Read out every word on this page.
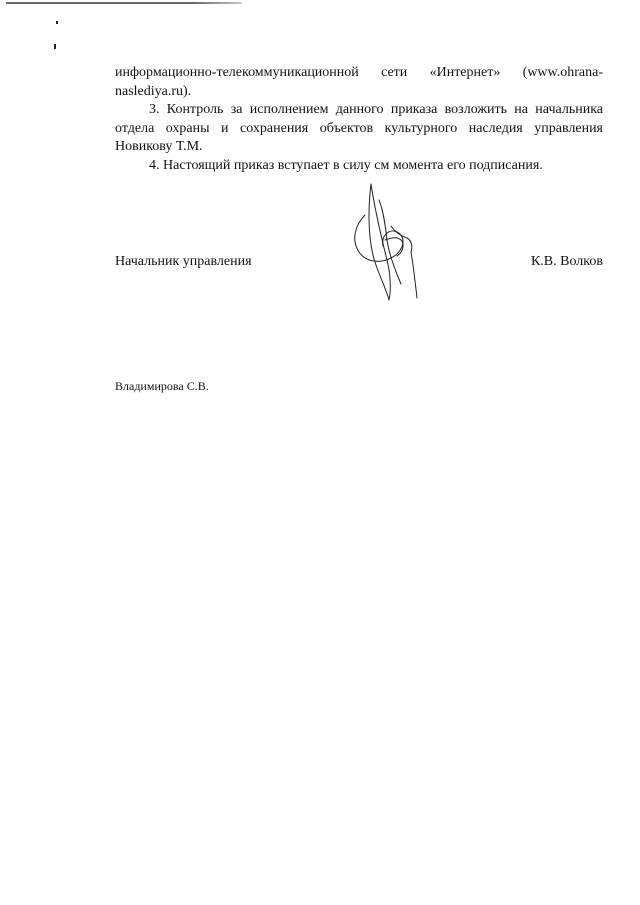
информационно-телекоммуникационной сети «Интернет» (www.ohrana-naslediya.ru).

3. Контроль за исполнением данного приказа возложить на начальника отдела охраны и сохранения объектов культурного наследия управления Новикову Т.М.

4. Настоящий приказ вступает в силу см момента его подписания.

Начальник управления	К.В. Волков
Владимирова С.В.
